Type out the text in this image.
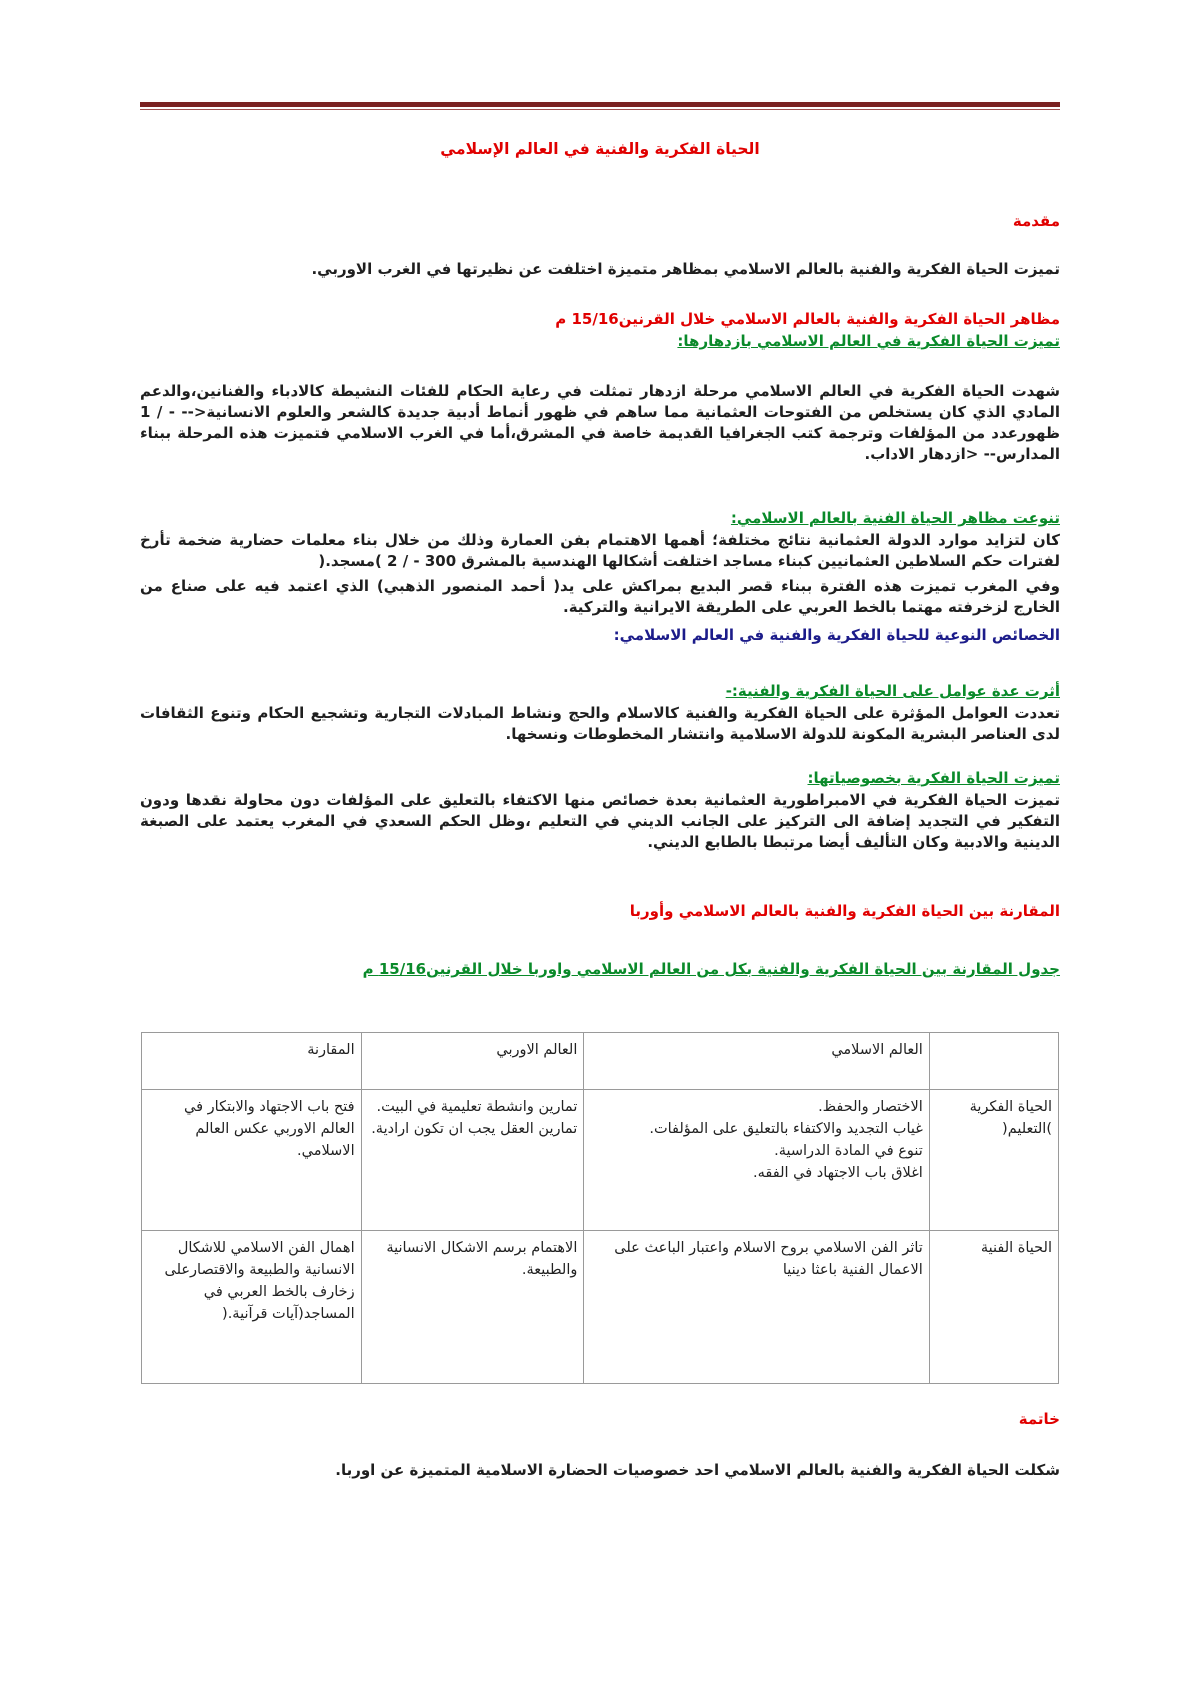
الحياة الفكرية والفنية في العالم الإسلامي
مقدمة
تميزت الحياة الفكرية والفنية بالعالم الاسلامي بمظاهر متميزة اختلفت عن نظيرتها في الغرب الاوربي.
مظاهر الحياة الفكرية والفنية بالعالم الاسلامي خلال القرنين15/16 م
تميزت الحياة الفكرية في العالم الاسلامي بازدهارها:
شهدت الحياة الفكرية في العالم الاسلامي مرحلة ازدهار تمثلت في رعاية الحكام للفئات النشيطة كالادباء والفنانين،والدعم المادي الذي كان يستخلص من الفتوحات العثمانية مما ساهم في ظهور أنماط أدبية جديدة كالشعر والعلوم الانسانية<-- - / 1 ظهورعدد من المؤلفات وترجمة كتب الجغرافيا القديمة خاصة في المشرق،أما في الغرب الاسلامي فتميزت هذه المرحلة ببناء المدارس-- <ازدهار الاداب.
تنوعت مظاهر الحياة الفنية بالعالم الاسلامي:
كان لتزايد موارد الدولة العثمانية نتائج مختلفة؛ أهمها الاهتمام بفن العمارة وذلك من خلال بناء معلمات حضارية ضخمة تأرخ لفترات حكم السلاطين العثمانيين كبناء مساجد اختلفت أشكالها الهندسية بالمشرق 300 - / 2 )مسجد.(
وفي المغرب تميزت هذه الفترة ببناء قصر البديع بمراكش على يد( أحمد المنصور الذهبي) الذي اعتمد فيه على صناع من الخارج لزخرفته مهتما بالخط العربي على الطريقة الايرانية والتركية.
الخصائص النوعية للحياة الفكرية والفنية في العالم الاسلامي:
أثرت عدة عوامل على الحياة الفكرية والفنية:-
تعددت العوامل المؤثرة على الحياة الفكرية والفنية كالاسلام والحج ونشاط المبادلات التجارية وتشجيع الحكام وتنوع الثقافات لدى العناصر البشرية المكونة للدولة الاسلامية وانتشار المخطوطات ونسخها.
تميزت الحياة الفكرية بخصوصياتها:
تميزت الحياة الفكرية في الامبراطورية العثمانية بعدة خصائص منها الاكتفاء بالتعليق على المؤلفات دون محاولة نقدها ودون التفكير في التجديد إضافة الى التركيز على الجانب الديني في التعليم ،وظل الحكم السعدي في المغرب يعتمد على الصبغة الدينية والادبية وكان التأليف أيضا مرتبطا بالطابع الديني.
المقارنة بين الحياة الفكرية والفنية بالعالم الاسلامي وأوربا
جدول المقارنة بين الحياة الفكرية والفنية بكل من العالم الاسلامي واوربا خلال القرنين15/16 م
	العالم الاسلامي	العالم الاوربي	المقارنة
الحياة الفكرية )التعليم(	الاختصار والحفظ.
غياب التجديد والاكتفاء بالتعليق على المؤلفات.
تنوع في المادة الدراسية.
اغلاق باب الاجتهاد في الفقه.	تمارين وانشطة تعليمية في البيت. تمارين العقل يجب ان تكون ارادية.	فتح باب الاجتهاد والابتكار في العالم الاوربي عكس العالم الاسلامي.
الحياة الفنية	تاثر الفن الاسلامي بروح الاسلام واعتبار الباعث على الاعمال الفنية باعثا دينيا	الاهتمام برسم الاشكال الانسانية والطبيعة.	اهمال الفن الاسلامي للاشكال الانسانية والطبيعة والاقتصارعلى زخارف بالخط العربي في المساجد(آيات قرآنية.(
خاتمة
شكلت الحياة الفكرية والفنية بالعالم الاسلامي احد خصوصيات الحضارة الاسلامية المتميزة عن اوربا.
